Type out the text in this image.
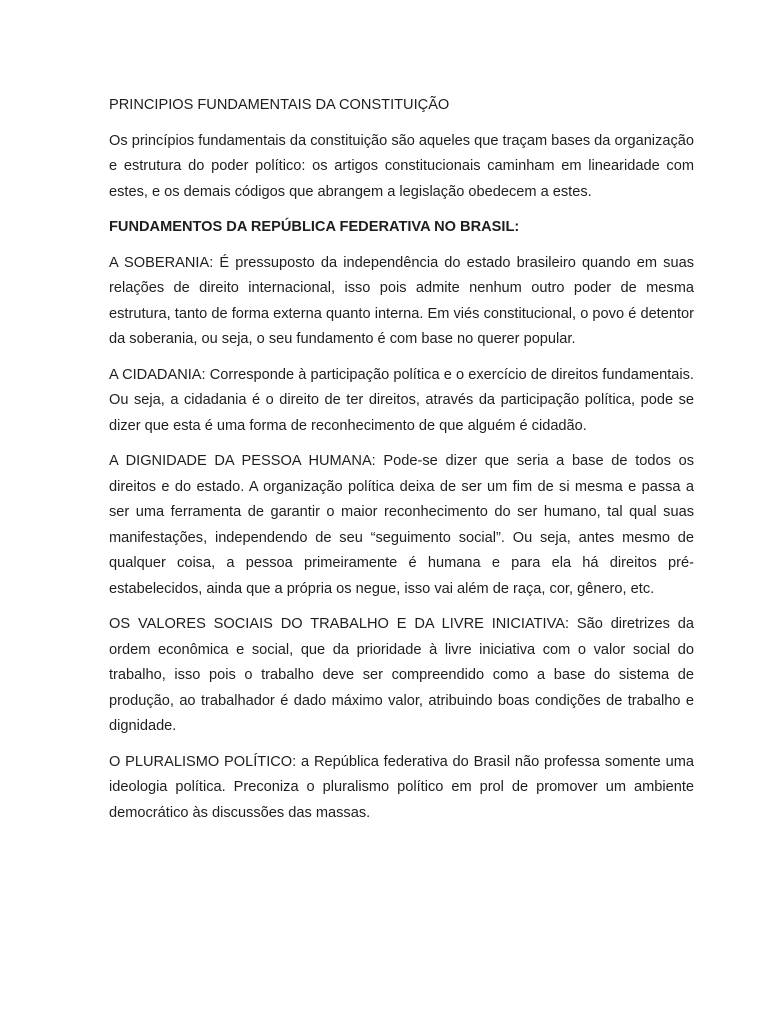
PRINCIPIOS FUNDAMENTAIS DA CONSTITUIÇÃO

Os princípios fundamentais da constituição são aqueles que traçam bases da organização e estrutura do poder político: os artigos constitucionais caminham em linearidade com estes, e os demais códigos que abrangem a legislação obedecem a estes.

FUNDAMENTOS DA REPÚBLICA FEDERATIVA NO BRASIL:

A SOBERANIA: É pressuposto da independência do estado brasileiro quando em suas relações de direito internacional, isso pois admite nenhum outro poder de mesma estrutura, tanto de forma externa quanto interna. Em viés constitucional, o povo é detentor da soberania, ou seja, o seu fundamento é com base no querer popular.

A CIDADANIA: Corresponde à participação política e o exercício de direitos fundamentais. Ou seja, a cidadania é o direito de ter direitos, através da participação política, pode se dizer que esta é uma forma de reconhecimento de que alguém é cidadão.

A DIGNIDADE DA PESSOA HUMANA: Pode-se dizer que seria a base de todos os direitos e do estado. A organização política deixa de ser um fim de si mesma e passa a ser uma ferramenta de garantir o maior reconhecimento do ser humano, tal qual suas manifestações, independendo de seu “seguimento social”. Ou seja, antes mesmo de qualquer coisa, a pessoa primeiramente é humana e para ela há direitos pré-estabelecidos, ainda que a própria os negue, isso vai além de raça, cor, gênero, etc.

OS VALORES SOCIAIS DO TRABALHO E DA LIVRE INICIATIVA: São diretrizes da ordem econômica e social, que da prioridade à livre iniciativa com o valor social do trabalho, isso pois o trabalho deve ser compreendido como a base do sistema de produção, ao trabalhador é dado máximo valor, atribuindo boas condições de trabalho e dignidade.

O PLURALISMO POLÍTICO: a República federativa do Brasil não professa somente uma ideologia política. Preconiza o pluralismo político em prol de promover um ambiente democrático às discussões das massas.
